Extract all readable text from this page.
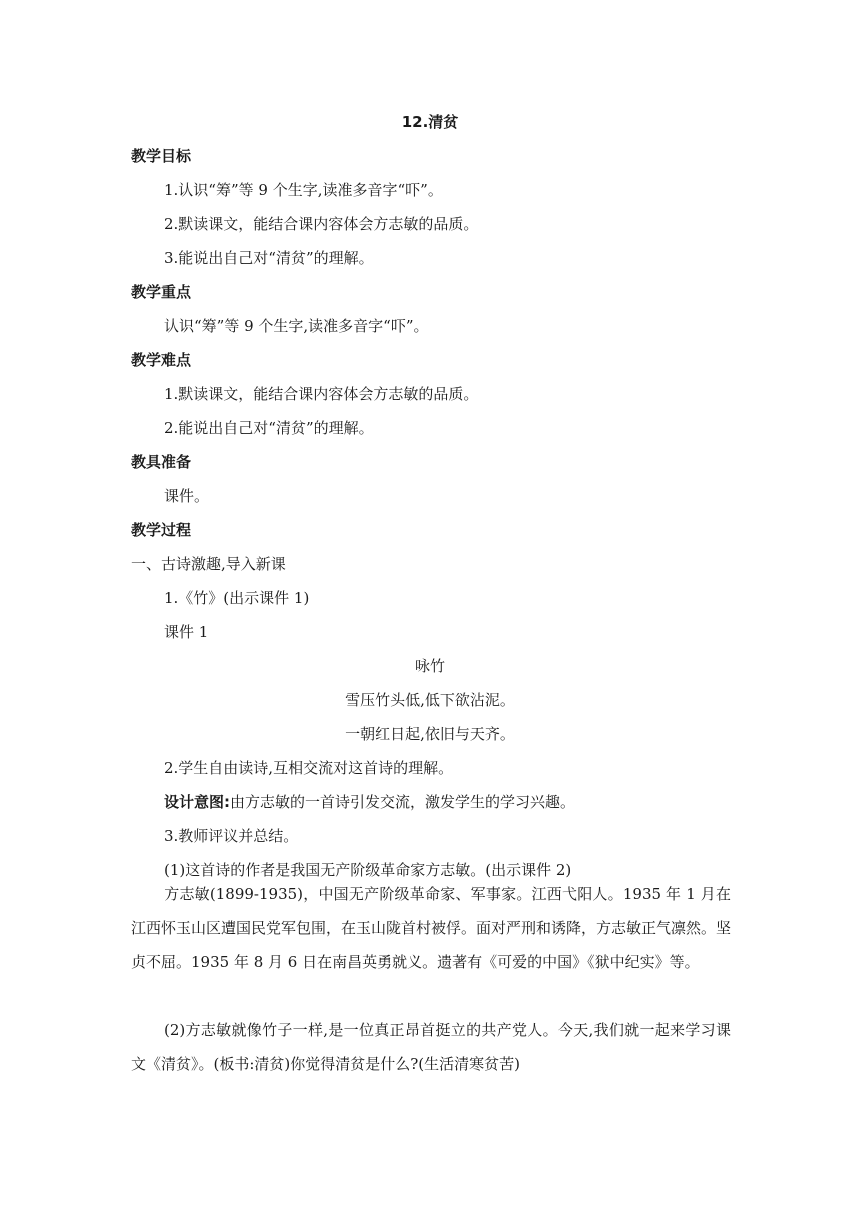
12.清贫
教学目标
1.认识“筹”等 9 个生字,读准多音字“吓”。
2.默读课文，能结合课内容体会方志敏的品质。
3.能说出自己对“清贫”的理解。
教学重点
认识“筹”等 9 个生字,读准多音字“吓”。
教学难点
1.默读课文，能结合课内容体会方志敏的品质。
2.能说出自己对“清贫”的理解。
教具准备
课件。
教学过程
一、古诗激趣,导入新课
1.《竹》(出示课件 1)
课件 1
咏竹
雪压竹头低,低下欲沾泥。
一朝红日起,依旧与天齐。
2.学生自由读诗,互相交流对这首诗的理解。
设计意图:由方志敏的一首诗引发交流，激发学生的学习兴趣。
3.教师评议并总结。
(1)这首诗的作者是我国无产阶级革命家方志敏。(出示课件 2)
方志敏(1899-1935)，中国无产阶级革命家、军事家。江西弋阳人。1935 年 1 月在江西怀玉山区遭国民党军包围，在玉山陇首村被俘。面对严刑和诱降，方志敏正气凛然。坚贞不屈。1935 年 8 月 6 日在南昌英勇就义。遗著有《可爱的中国》《狱中纪实》等。
(2)方志敏就像竹子一样,是一位真正昂首挺立的共产党人。今天,我们就一起来学习课文《清贫》。(板书:清贫)你觉得清贫是什么?(生活清寒贫苦)
